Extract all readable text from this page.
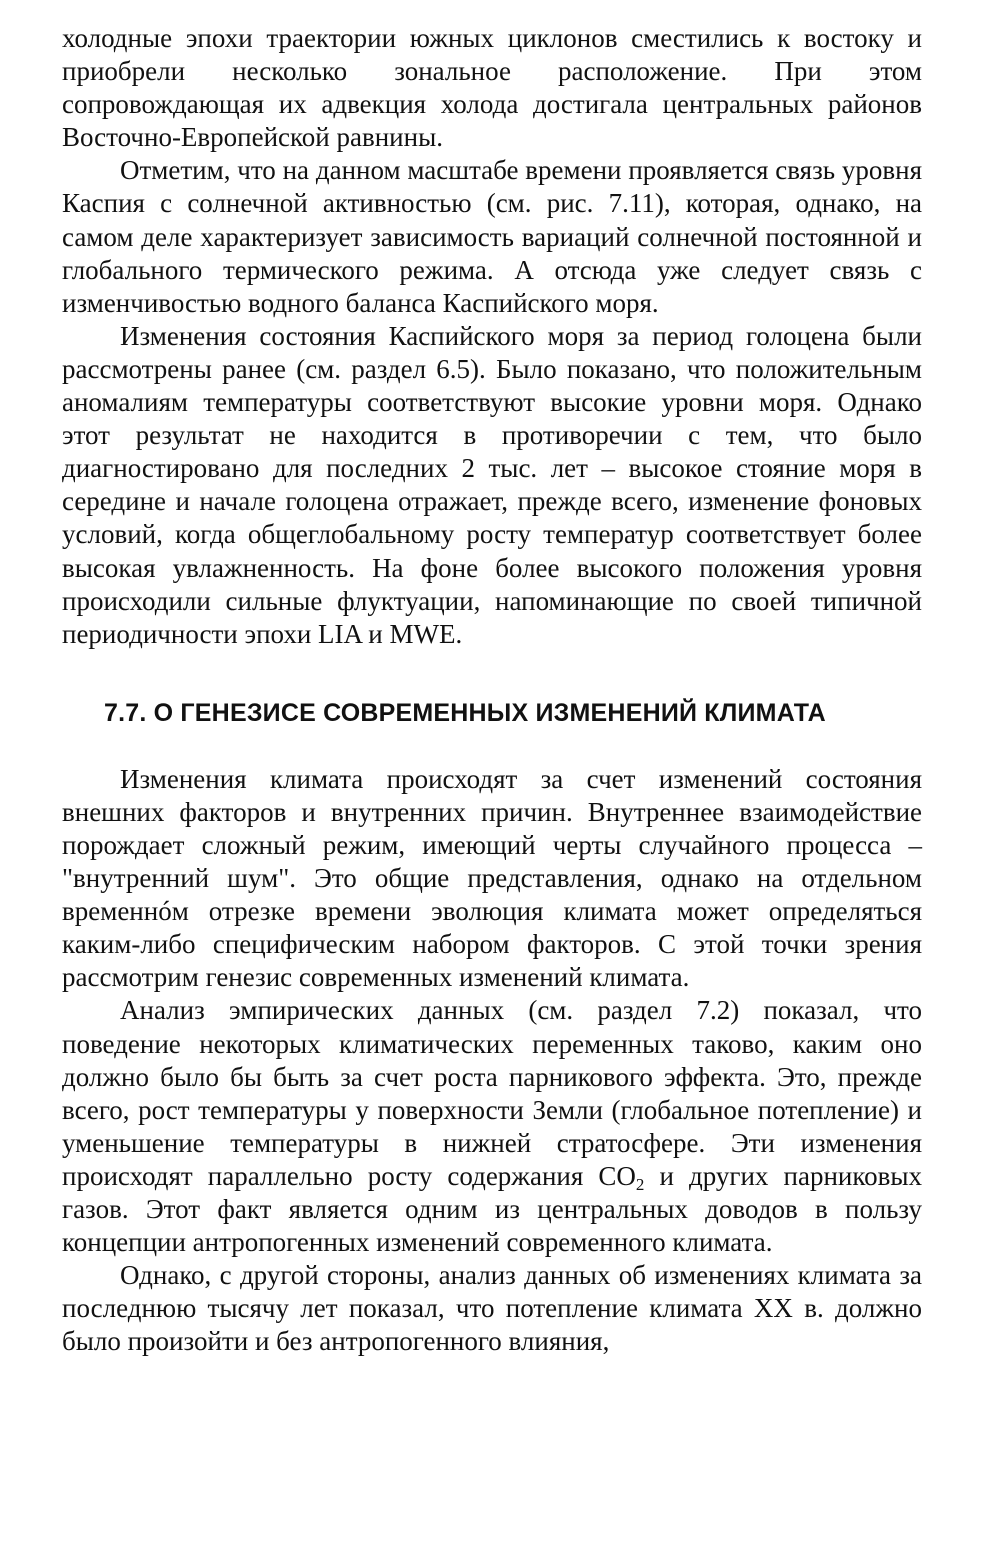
холодные эпохи траектории южных циклонов сместились к востоку и приобрели несколько зональное расположение. При этом сопровождающая их адвекция холода достигала центральных районов Восточно-Европейской равнины.

Отметим, что на данном масштабе времени проявляется связь уровня Каспия с солнечной активностью (см. рис. 7.11), которая, однако, на самом деле характеризует зависимость вариаций солнечной постоянной и глобального термического режима. А отсюда уже следует связь с изменчивостью водного баланса Каспийского моря.

Изменения состояния Каспийского моря за период голоцена были рассмотрены ранее (см. раздел 6.5). Было показано, что положительным аномалиям температуры соответствуют высокие уровни моря. Однако этот результат не находится в противоречии с тем, что было диагностировано для последних 2 тыс. лет – высокое стояние моря в середине и начале голоцена отражает, прежде всего, изменение фоновых условий, когда общеглобальному росту температур соответствует более высокая увлажненность. На фоне более высокого положения уровня происходили сильные флуктуации, напоминающие по своей типичной периодичности эпохи LIA и MWE.

7.7. О ГЕНЕЗИСЕ СОВРЕМЕННЫХ ИЗМЕНЕНИЙ КЛИМАТА

Изменения климата происходят за счет изменений состояния внешних факторов и внутренних причин. Внутреннее взаимодействие порождает сложный режим, имеющий черты случайного процесса – "внутренний шум". Это общие представления, однако на отдельном временнóм отрезке времени эволюция климата может определяться каким-либо специфическим набором факторов. С этой точки зрения рассмотрим генезис современных изменений климата.

Анализ эмпирических данных (см. раздел 7.2) показал, что поведение некоторых климатических переменных таково, каким оно должно было бы быть за счет роста парникового эффекта. Это, прежде всего, рост температуры у поверхности Земли (глобальное потепление) и уменьшение температуры в нижней стратосфере. Эти изменения происходят параллельно росту содержания $CO_2$ и других парниковых газов. Этот факт является одним из центральных доводов в пользу концепции антропогенных изменений современного климата.

Однако, с другой стороны, анализ данных об изменениях климата за последнюю тысячу лет показал, что потепление климата XX в. должно было произойти и без антропогенного влияния,
